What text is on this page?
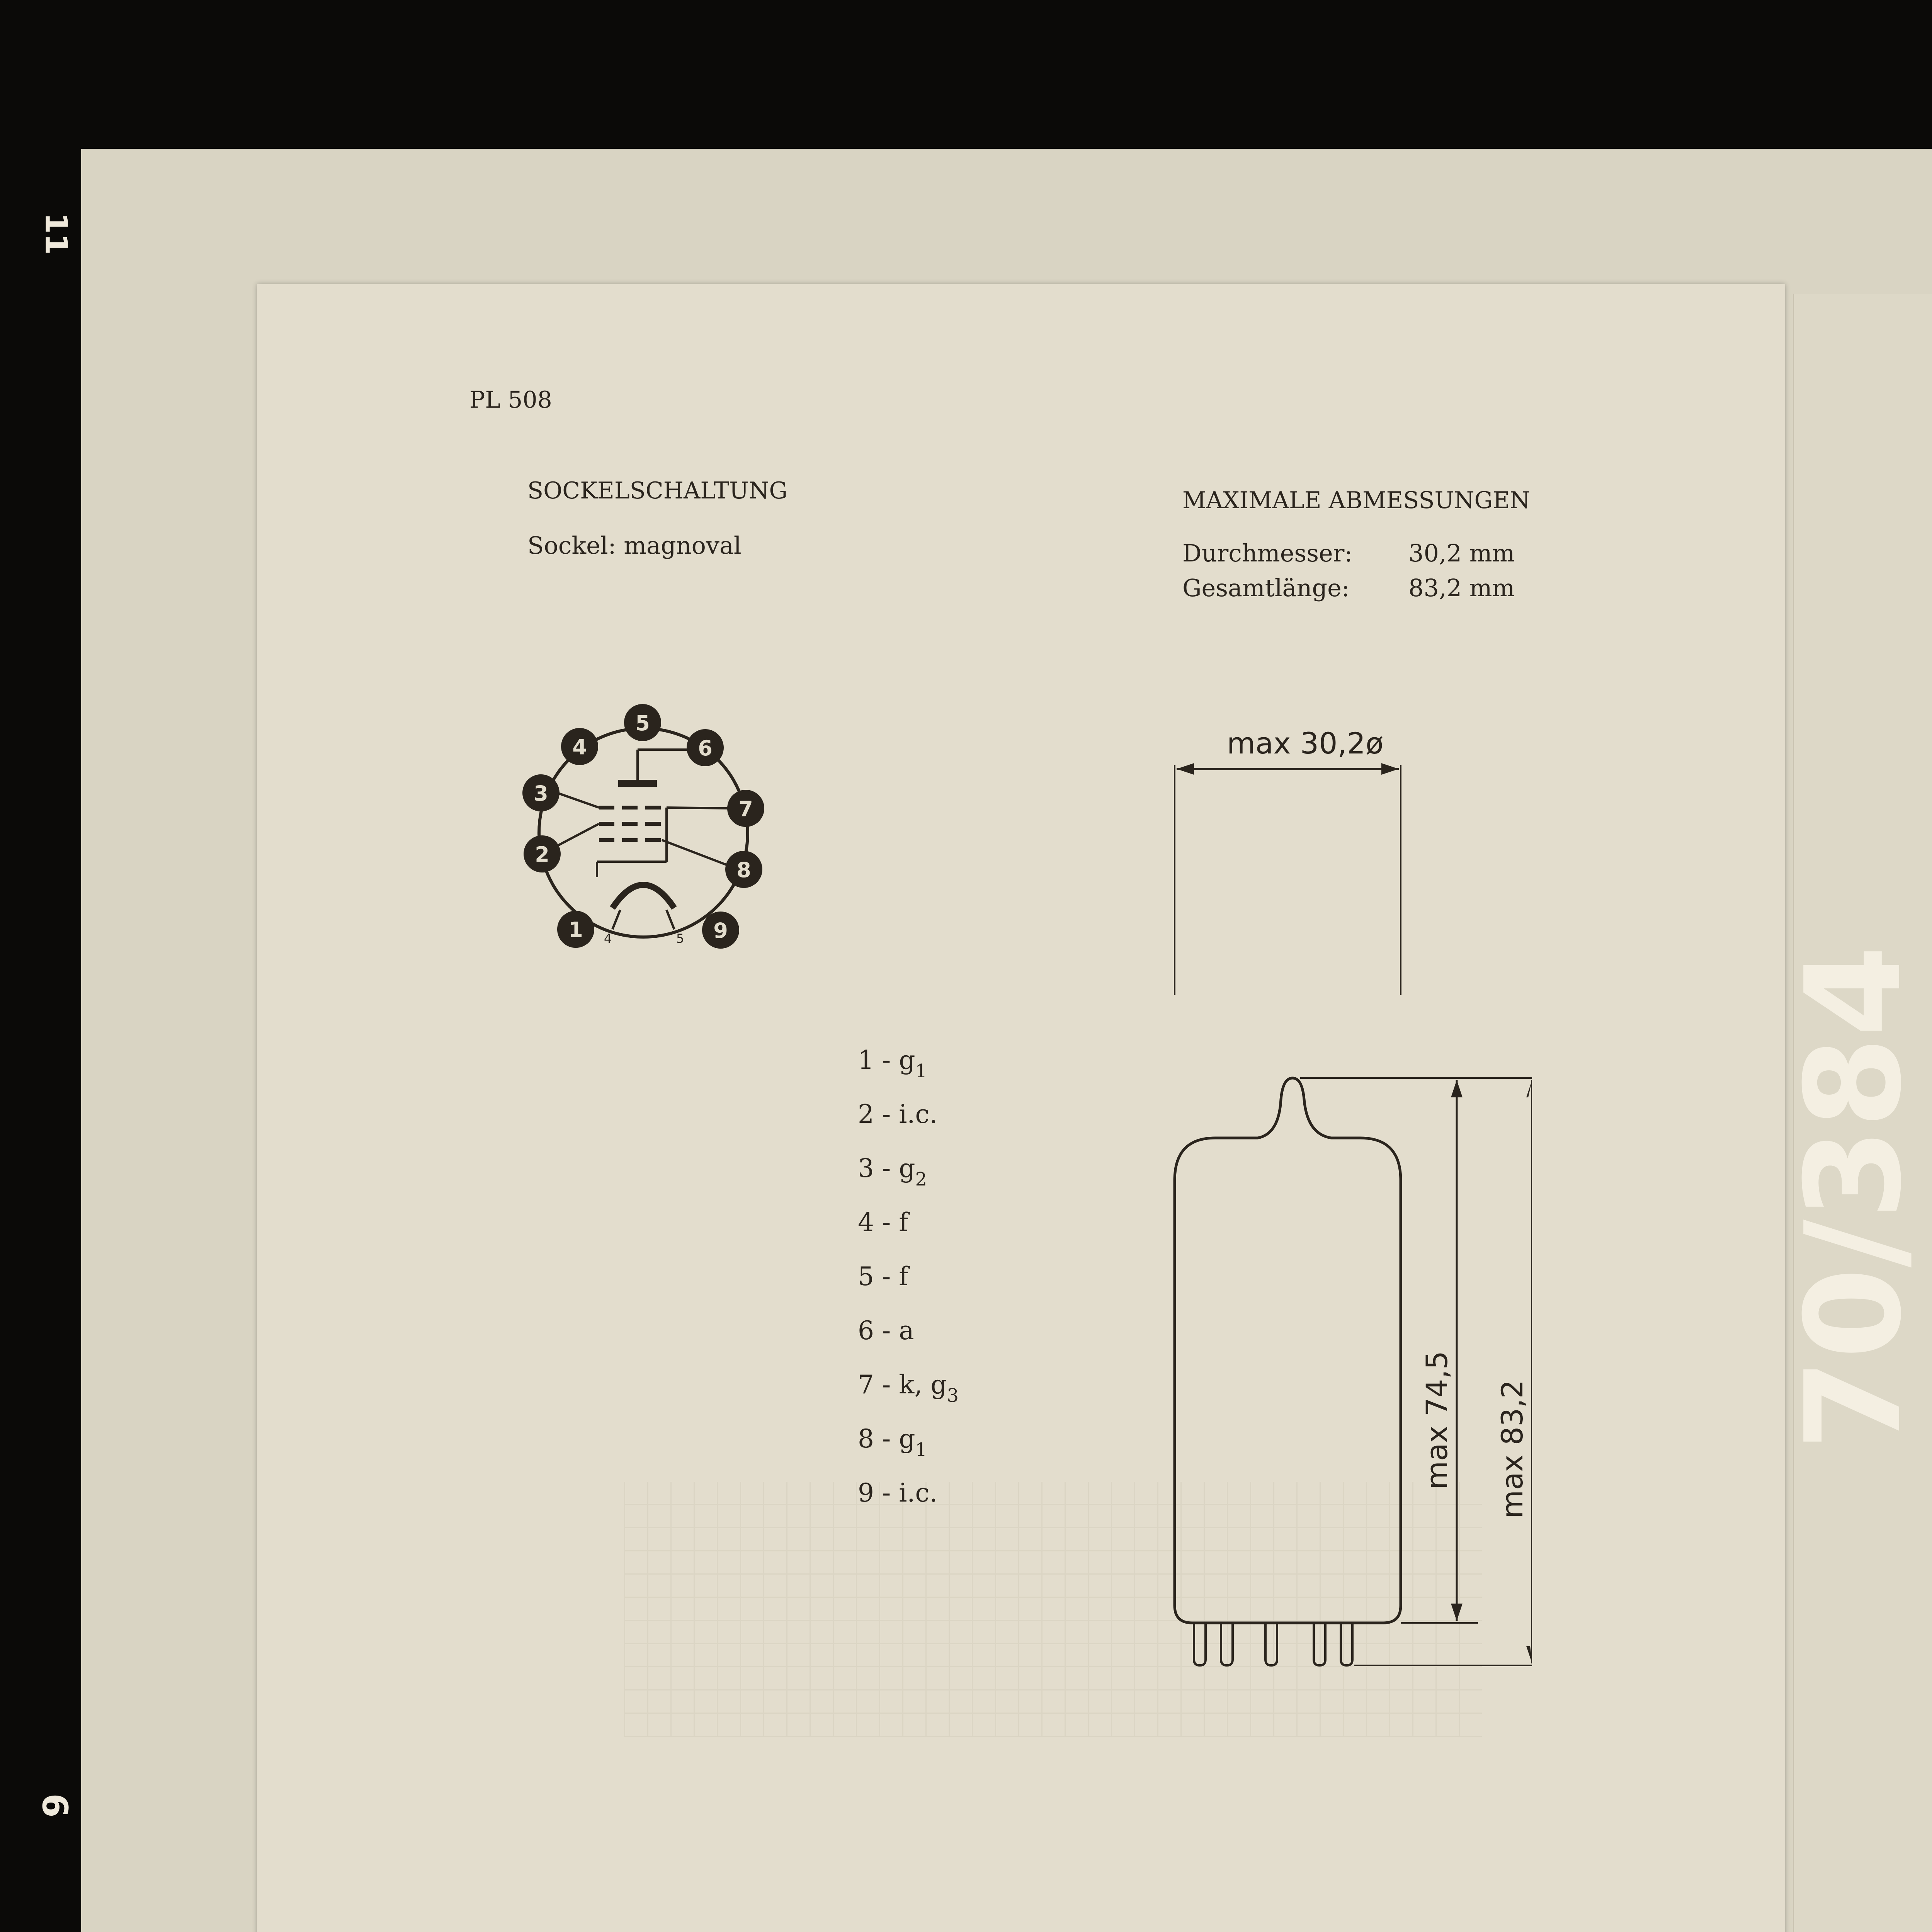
11
6
PL 508
SOCKELSCHALTUNG
Sockel: magnoval
MAXIMALE ABMESSUNGEN
Durchmesser: 30,2 mm
Gesamtlänge: 83,2 mm
4	5
5
4	6
3
7
2
8
1	9
$1 - g_1$
2 - i.c.
$3 - g_2$
4 - f
5 - f
6 - a
7 - k, $g_3$
$8 - g_1$
9 - i.c.
max 30,2ø
max 74,5 max 83,2 70/384
